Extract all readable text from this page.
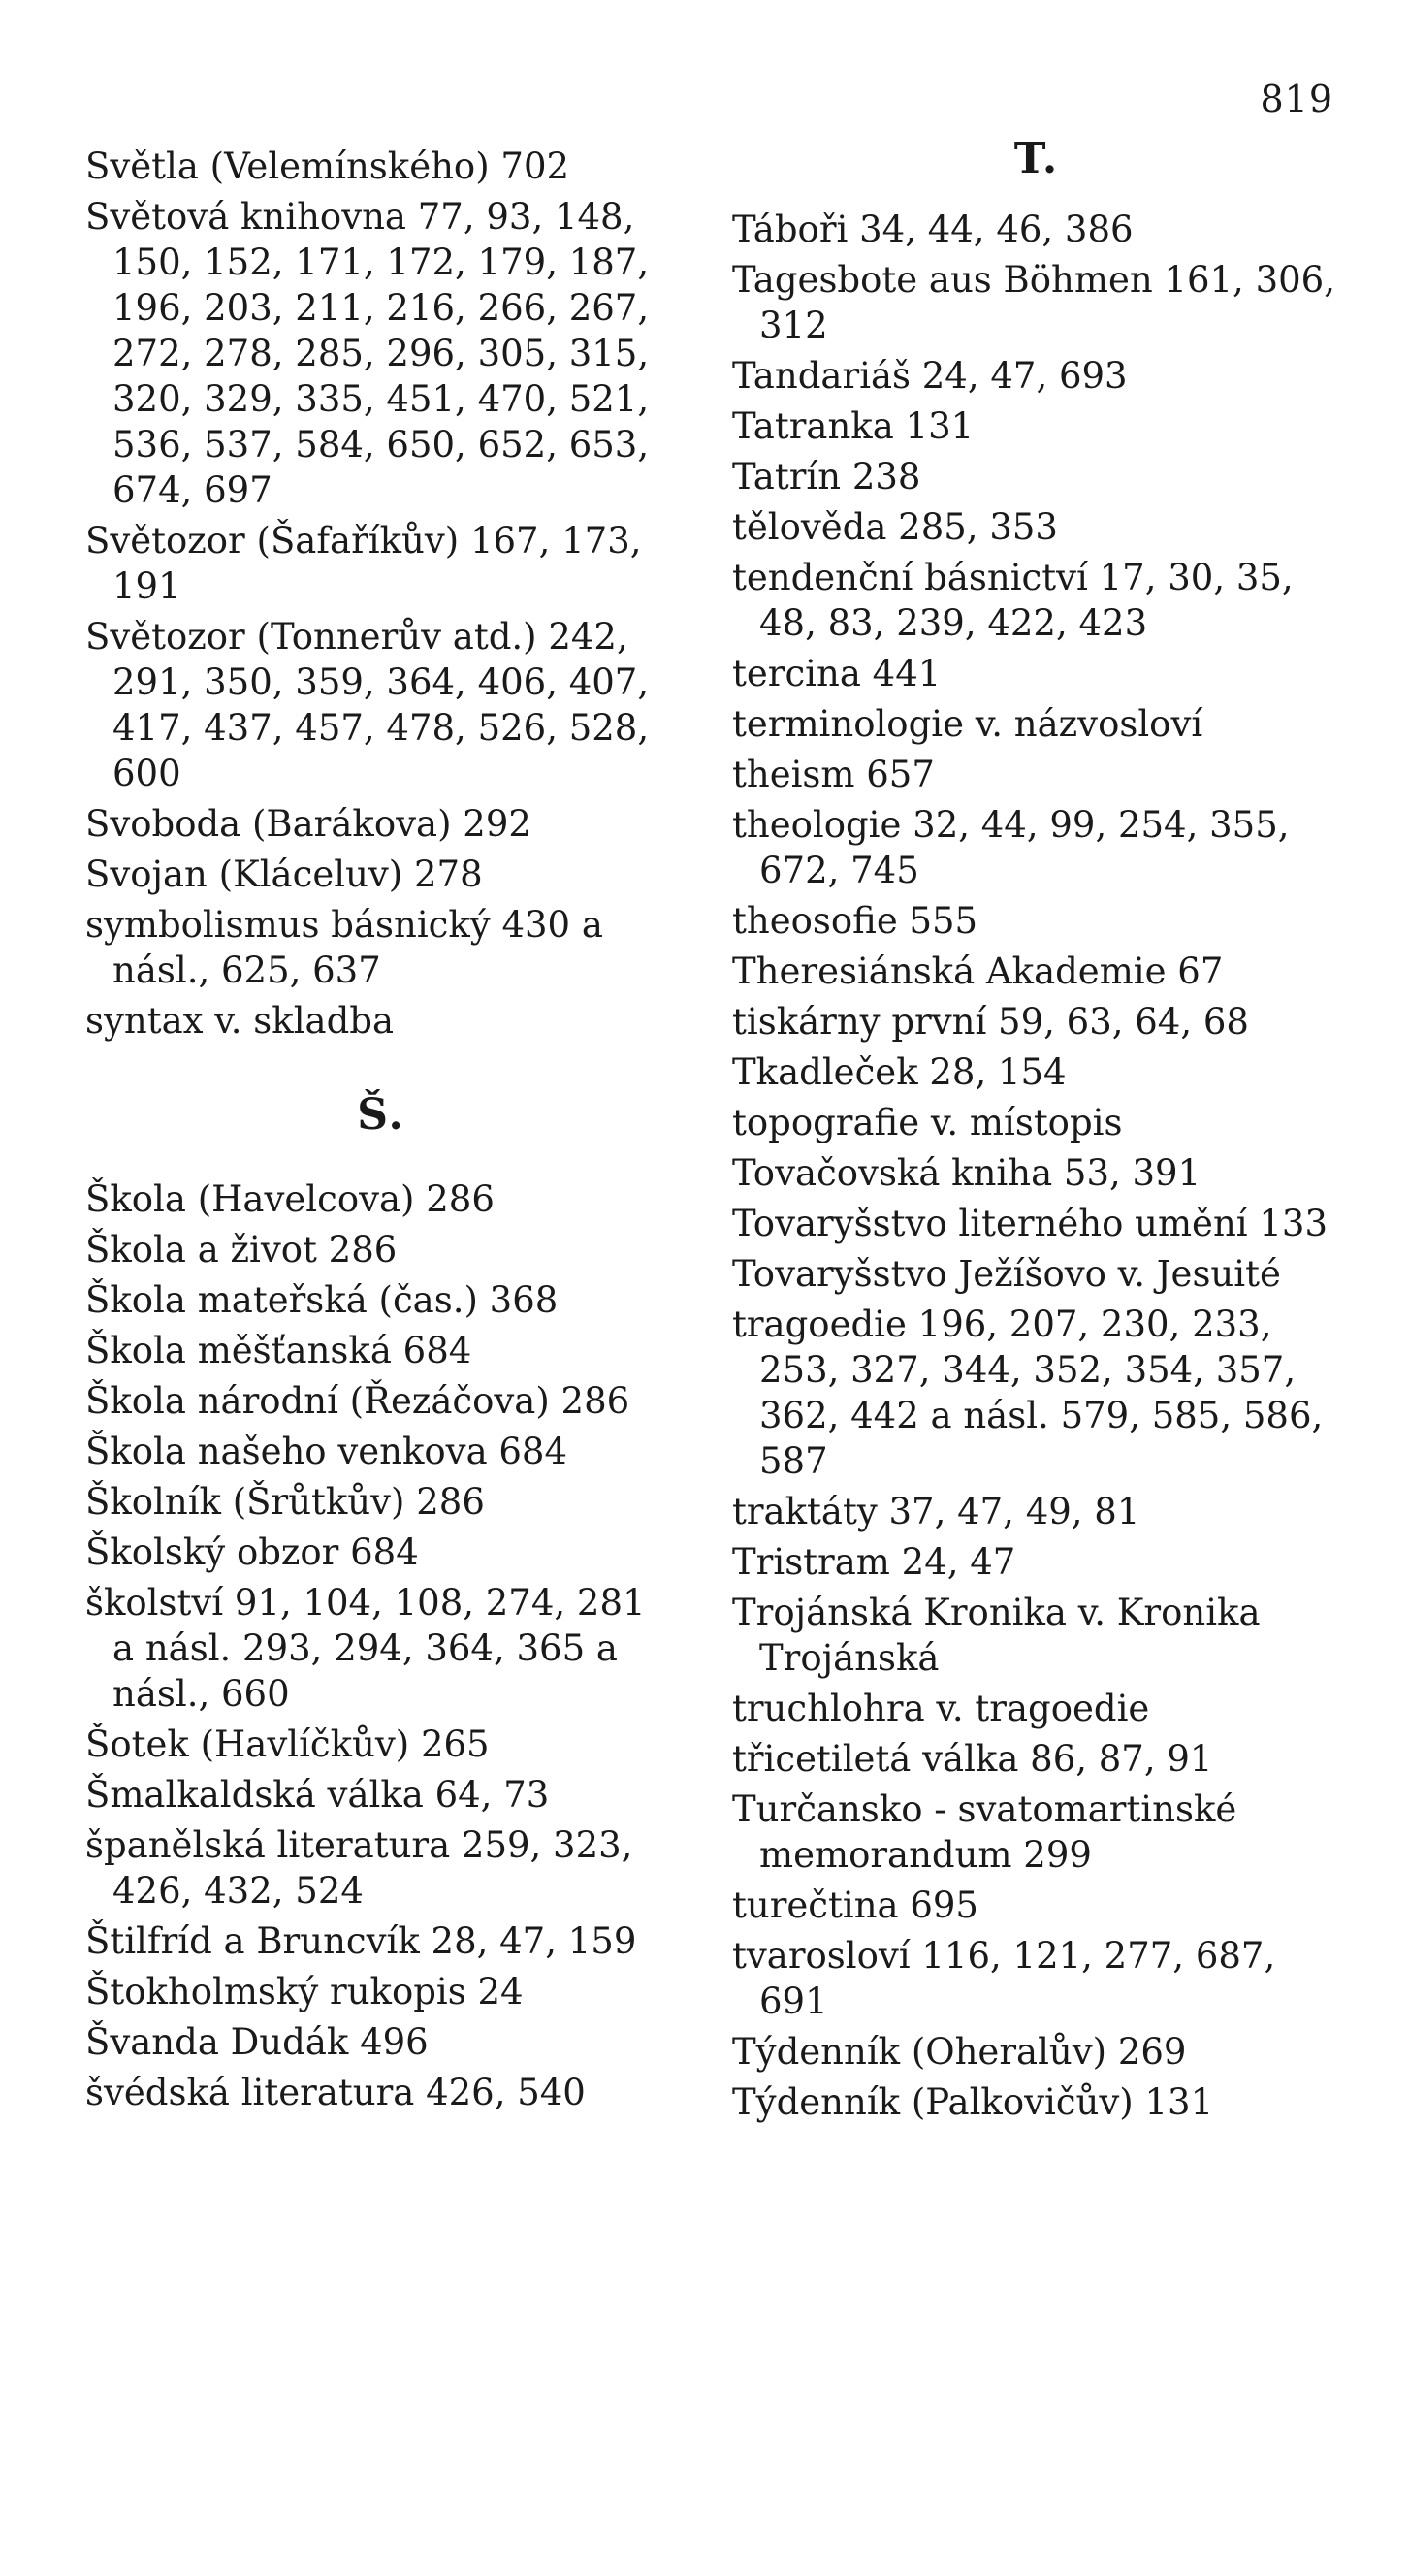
819
Světla (Velemínského) 702
Světová knihovna 77, 93, 148, 150, 152, 171, 172, 179, 187, 196, 203, 211, 216, 266, 267, 272, 278, 285, 296, 305, 315, 320, 329, 335, 451, 470, 521, 536, 537, 584, 650, 652, 653, 674, 697
Světozor (Šafaříkův) 167, 173, 191
Světozor (Tonnerův atd.) 242, 291, 350, 359, 364, 406, 407, 417, 437, 457, 478, 526, 528, 600
Svoboda (Barákova) 292
Svojan (Kláceluv) 278
symbolismus básnický 430 a násl., 625, 637
syntax v. skladba
Š.
Škola (Havelcova) 286
Škola a život 286
Škola mateřská (čas.) 368
Škola měšťanská 684
Škola národní (Řezáčova) 286
Škola našeho venkova 684
Školník (Šrůtkův) 286
Školský obzor 684
školství 91, 104, 108, 274, 281 a násl. 293, 294, 364, 365 a násl., 660
Šotek (Havlíčkův) 265
Šmalkaldská válka 64, 73
španělská literatura 259, 323, 426, 432, 524
Štilfríd a Bruncvík 28, 47, 159
Štokholmský rukopis 24
Švanda Dudák 496
švédská literatura 426, 540
T.
Táboři 34, 44, 46, 386
Tagesbote aus Böhmen 161, 306, 312
Tandariáš 24, 47, 693
Tatranka 131
Tatrín 238
tělověda 285, 353
tendenční básnictví 17, 30, 35, 48, 83, 239, 422, 423
tercina 441
terminologie v. názvosloví
theism 657
theologie 32, 44, 99, 254, 355, 672, 745
theosofie 555
Theresiánská Akademie 67
tiskárny první 59, 63, 64, 68
Tkadleček 28, 154
topografie v. místopis
Tovačovská kniha 53, 391
Tovaryšstvo literného umění 133
Tovaryšstvo Ježíšovo v. Jesuité
tragoedie 196, 207, 230, 233, 253, 327, 344, 352, 354, 357, 362, 442 a násl. 579, 585, 586, 587
traktáty 37, 47, 49, 81
Tristram 24, 47
Trojánská Kronika v. Kronika Trojánská
truchlohra v. tragoedie
třicetiletá válka 86, 87, 91
Turčansko - svatomartinské memorandum 299
turečtina 695
tvarosloví 116, 121, 277, 687, 691
Týdenník (Oheralův) 269
Týdenník (Palkovičův) 131
